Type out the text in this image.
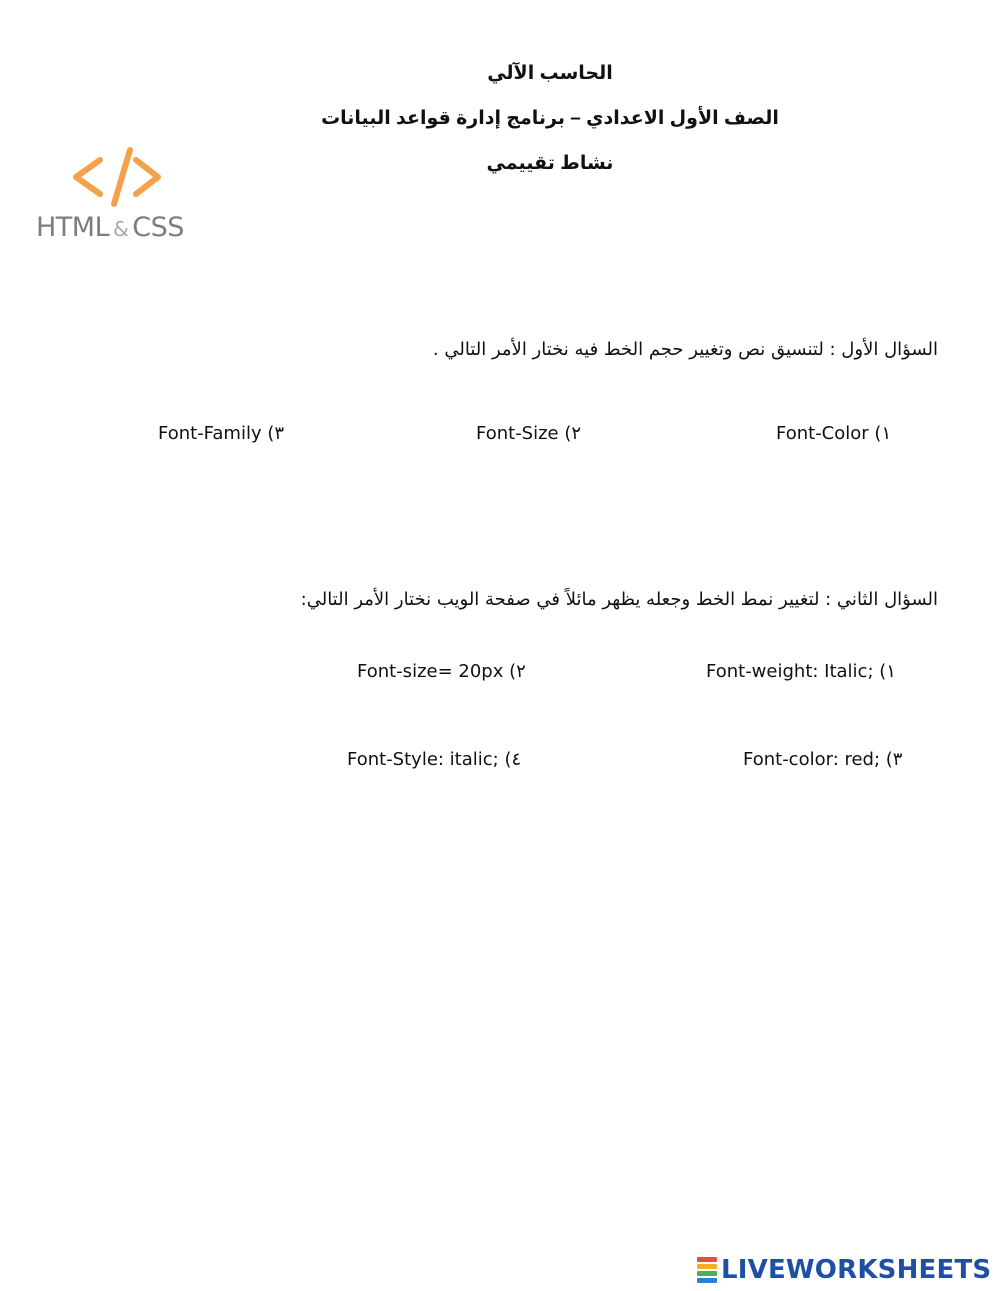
الحاسب الآلي
الصف الأول الاعدادي – برنامج إدارة قواعد البيانات
نشاط تقييمي
HTML & CSS
السؤال الأول : لتنسيق نص وتغيير حجم الخط فيه نختار الأمر التالي .
Font-Color (١
Font-Size (٢
Font-Family (٣
السؤال الثاني : لتغيير نمط الخط وجعله يظهر مائلاً في صفحة الويب نختار الأمر التالي:
Font-weight: Italic; (١
Font-size= 20px (٢
Font-color: red; (٣
Font-Style: italic; (٤
LIVEWORKSHEETS
